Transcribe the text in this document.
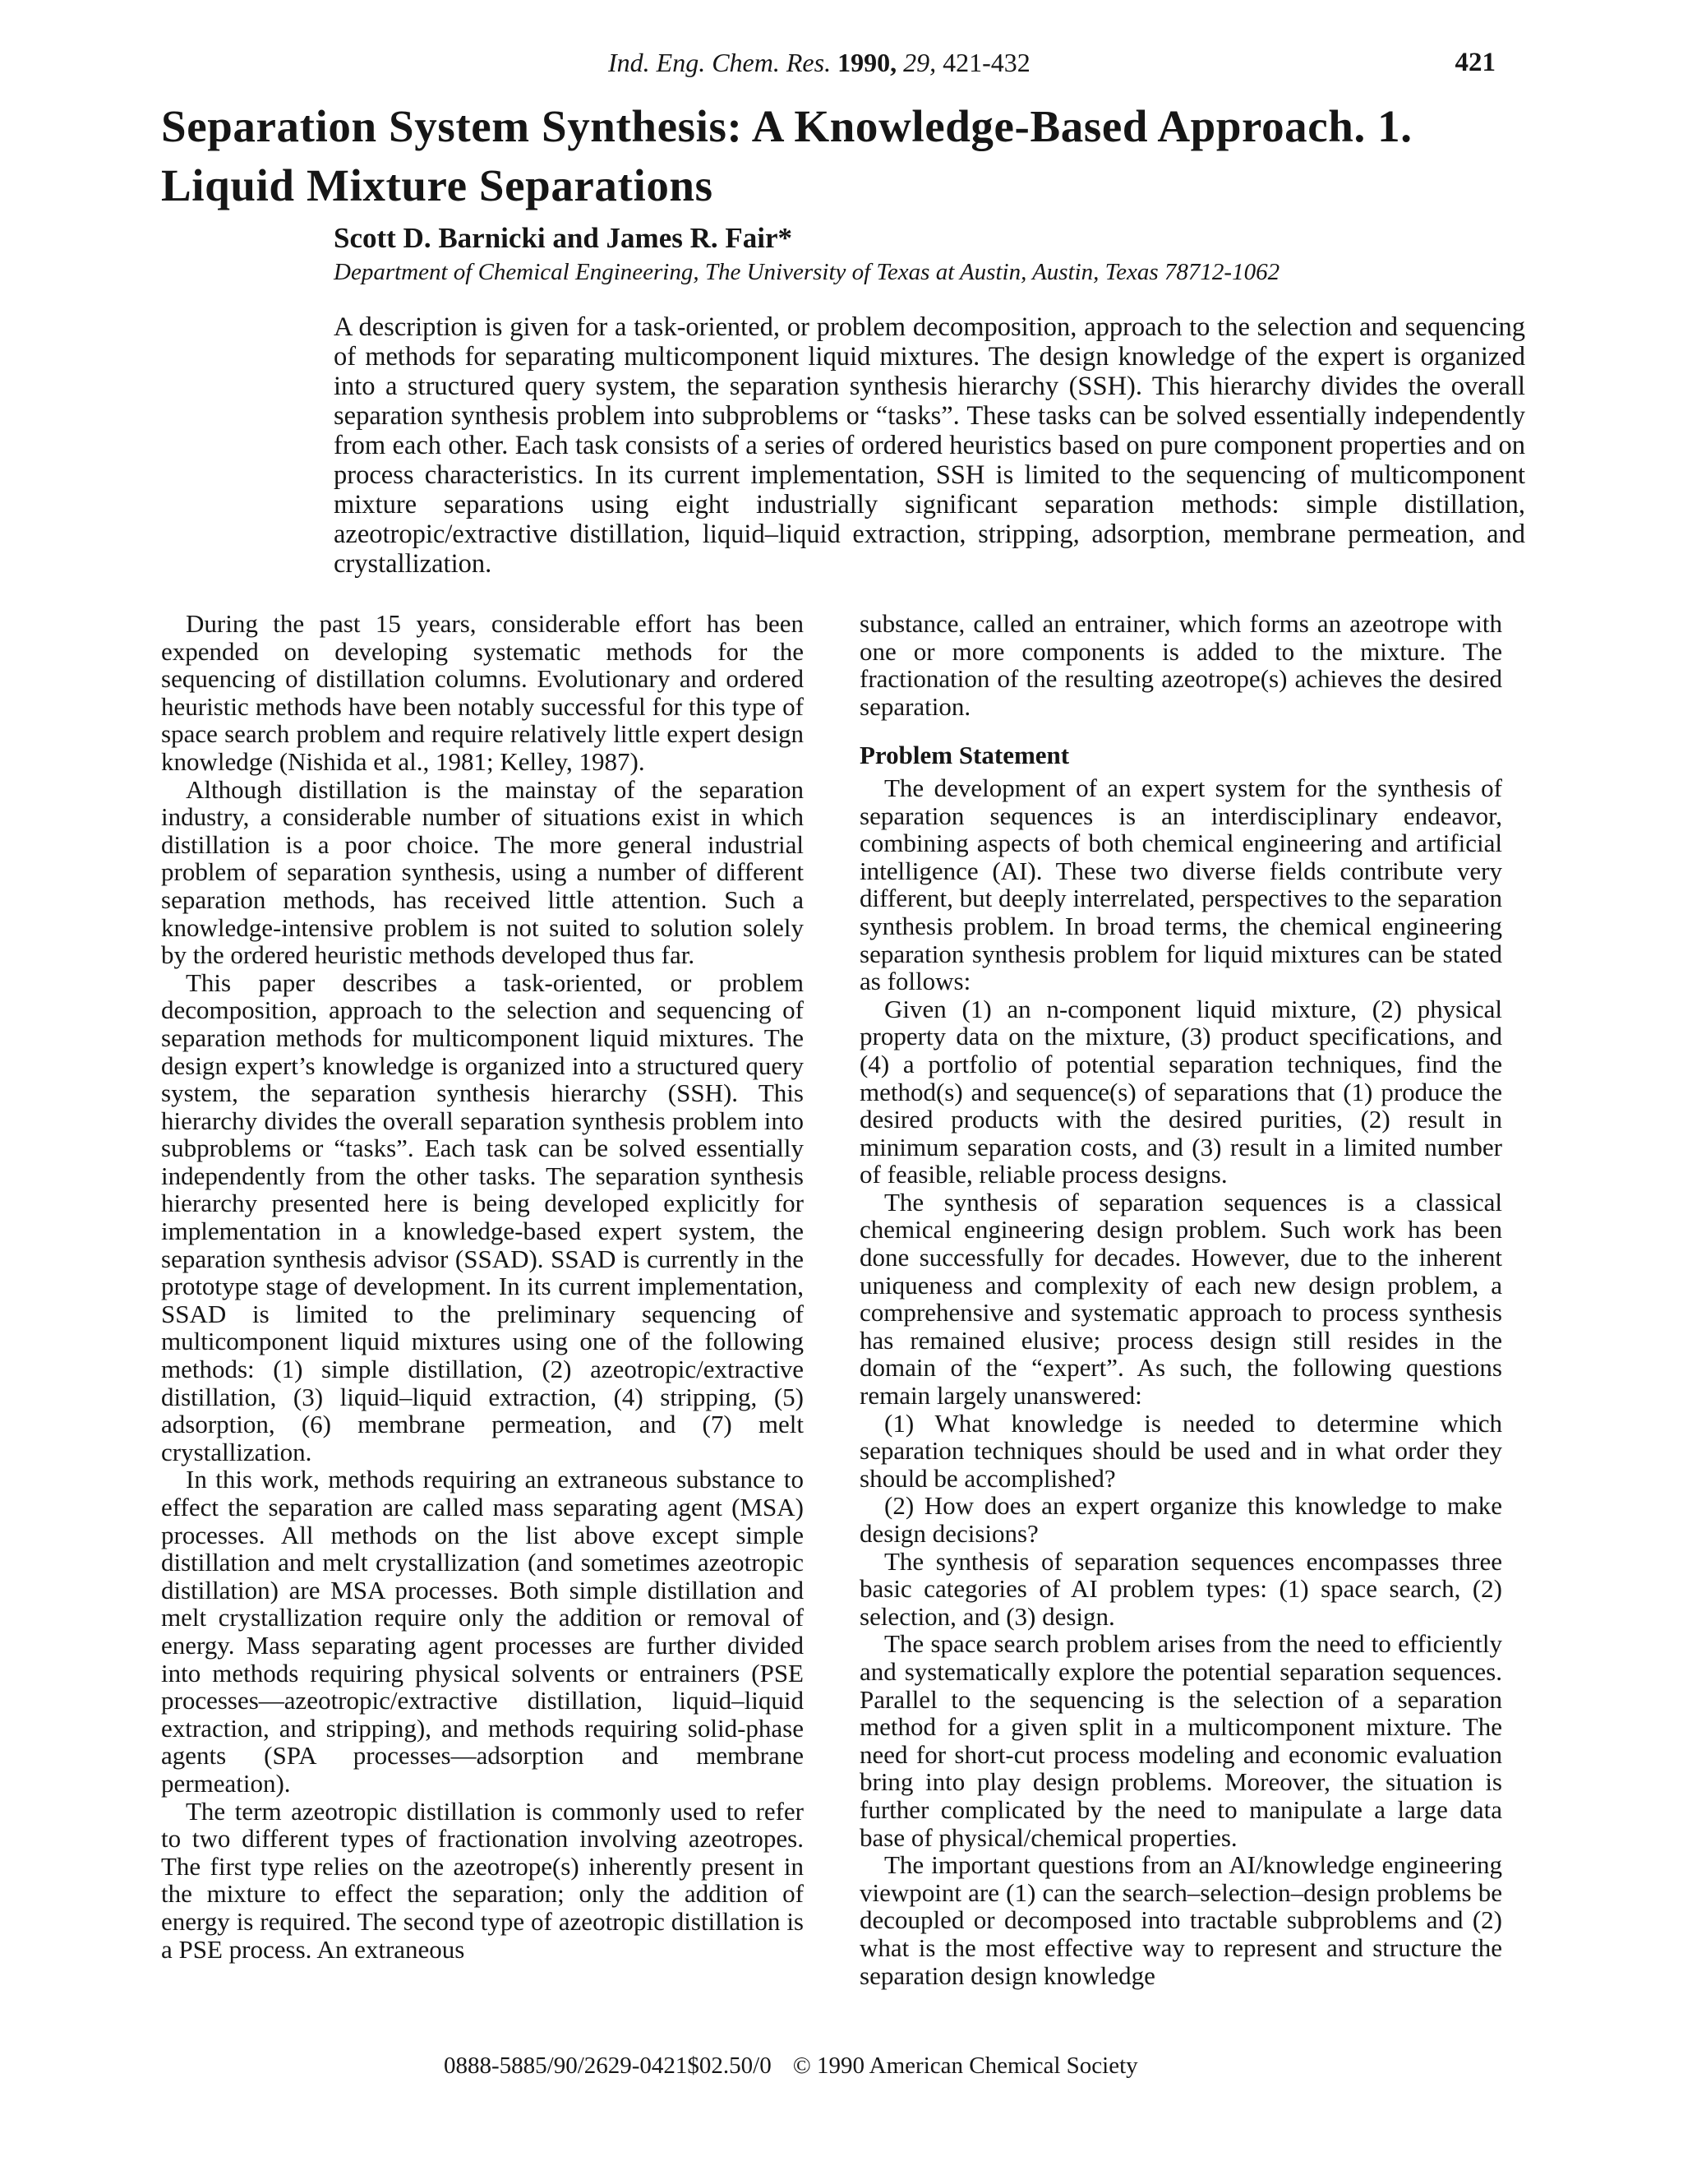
Ind. Eng. Chem. Res. 1990, 29, 421-432	421
Separation System Synthesis: A Knowledge-Based Approach. 1. Liquid Mixture Separations
Scott D. Barnicki and James R. Fair*
Department of Chemical Engineering, The University of Texas at Austin, Austin, Texas 78712-1062

A description is given for a task-oriented, or problem decomposition, approach to the selection and sequencing of methods for separating multicomponent liquid mixtures. The design knowledge of the expert is organized into a structured query system, the separation synthesis hierarchy (SSH). This hierarchy divides the overall separation synthesis problem into subproblems or “tasks”. These tasks can be solved essentially independently from each other. Each task consists of a series of ordered heuristics based on pure component properties and on process characteristics. In its current implementation, SSH is limited to the sequencing of multicomponent mixture separations using eight industrially significant separation methods: simple distillation, azeotropic/extractive distillation, liquid–liquid extraction, stripping, adsorption, membrane permeation, and crystallization.

During the past 15 years, considerable effort has been expended on developing systematic methods for the sequencing of distillation columns. Evolutionary and ordered heuristic methods have been notably successful for this type of space search problem and require relatively little expert design knowledge (Nishida et al., 1981; Kelley, 1987).

Although distillation is the mainstay of the separation industry, a considerable number of situations exist in which distillation is a poor choice. The more general industrial problem of separation synthesis, using a number of different separation methods, has received little attention. Such a knowledge-intensive problem is not suited to solution solely by the ordered heuristic methods developed thus far.

This paper describes a task-oriented, or problem decomposition, approach to the selection and sequencing of separation methods for multicomponent liquid mixtures. The design expert’s knowledge is organized into a structured query system, the separation synthesis hierarchy (SSH). This hierarchy divides the overall separation synthesis problem into subproblems or “tasks”. Each task can be solved essentially independently from the other tasks. The separation synthesis hierarchy presented here is being developed explicitly for implementation in a knowledge-based expert system, the separation synthesis advisor (SSAD). SSAD is currently in the prototype stage of development. In its current implementation, SSAD is limited to the preliminary sequencing of multicomponent liquid mixtures using one of the following methods: (1) simple distillation, (2) azeotropic/extractive distillation, (3) liquid–liquid extraction, (4) stripping, (5) adsorption, (6) membrane permeation, and (7) melt crystallization.

In this work, methods requiring an extraneous substance to effect the separation are called mass separating agent (MSA) processes. All methods on the list above except simple distillation and melt crystallization (and sometimes azeotropic distillation) are MSA processes. Both simple distillation and melt crystallization require only the addition or removal of energy. Mass separating agent processes are further divided into methods requiring physical solvents or entrainers (PSE processes—azeotropic/extractive distillation, liquid–liquid extraction, and stripping), and methods requiring solid-phase agents (SPA processes—adsorption and membrane permeation).

The term azeotropic distillation is commonly used to refer to two different types of fractionation involving azeotropes. The first type relies on the azeotrope(s) inherently present in the mixture to effect the separation; only the addition of energy is required. The second type of azeotropic distillation is a PSE process. An extraneous

substance, called an entrainer, which forms an azeotrope with one or more components is added to the mixture. The fractionation of the resulting azeotrope(s) achieves the desired separation.

Problem Statement

The development of an expert system for the synthesis of separation sequences is an interdisciplinary endeavor, combining aspects of both chemical engineering and artificial intelligence (AI). These two diverse fields contribute very different, but deeply interrelated, perspectives to the separation synthesis problem. In broad terms, the chemical engineering separation synthesis problem for liquid mixtures can be stated as follows:

Given (1) an n-component liquid mixture, (2) physical property data on the mixture, (3) product specifications, and (4) a portfolio of potential separation techniques, find the method(s) and sequence(s) of separations that (1) produce the desired products with the desired purities, (2) result in minimum separation costs, and (3) result in a limited number of feasible, reliable process designs.

The synthesis of separation sequences is a classical chemical engineering design problem. Such work has been done successfully for decades. However, due to the inherent uniqueness and complexity of each new design problem, a comprehensive and systematic approach to process synthesis has remained elusive; process design still resides in the domain of the “expert”. As such, the following questions remain largely unanswered:

(1) What knowledge is needed to determine which separation techniques should be used and in what order they should be accomplished?

(2) How does an expert organize this knowledge to make design decisions?

The synthesis of separation sequences encompasses three basic categories of AI problem types: (1) space search, (2) selection, and (3) design.

The space search problem arises from the need to efficiently and systematically explore the potential separation sequences. Parallel to the sequencing is the selection of a separation method for a given split in a multicomponent mixture. The need for short-cut process modeling and economic evaluation bring into play design problems. Moreover, the situation is further complicated by the need to manipulate a large data base of physical/chemical properties.

The important questions from an AI/knowledge engineering viewpoint are (1) can the search–selection–design problems be decoupled or decomposed into tractable subproblems and (2) what is the most effective way to represent and structure the separation design knowledge

0888-5885/90/2629-0421$02.50/0 © 1990 American Chemical Society
